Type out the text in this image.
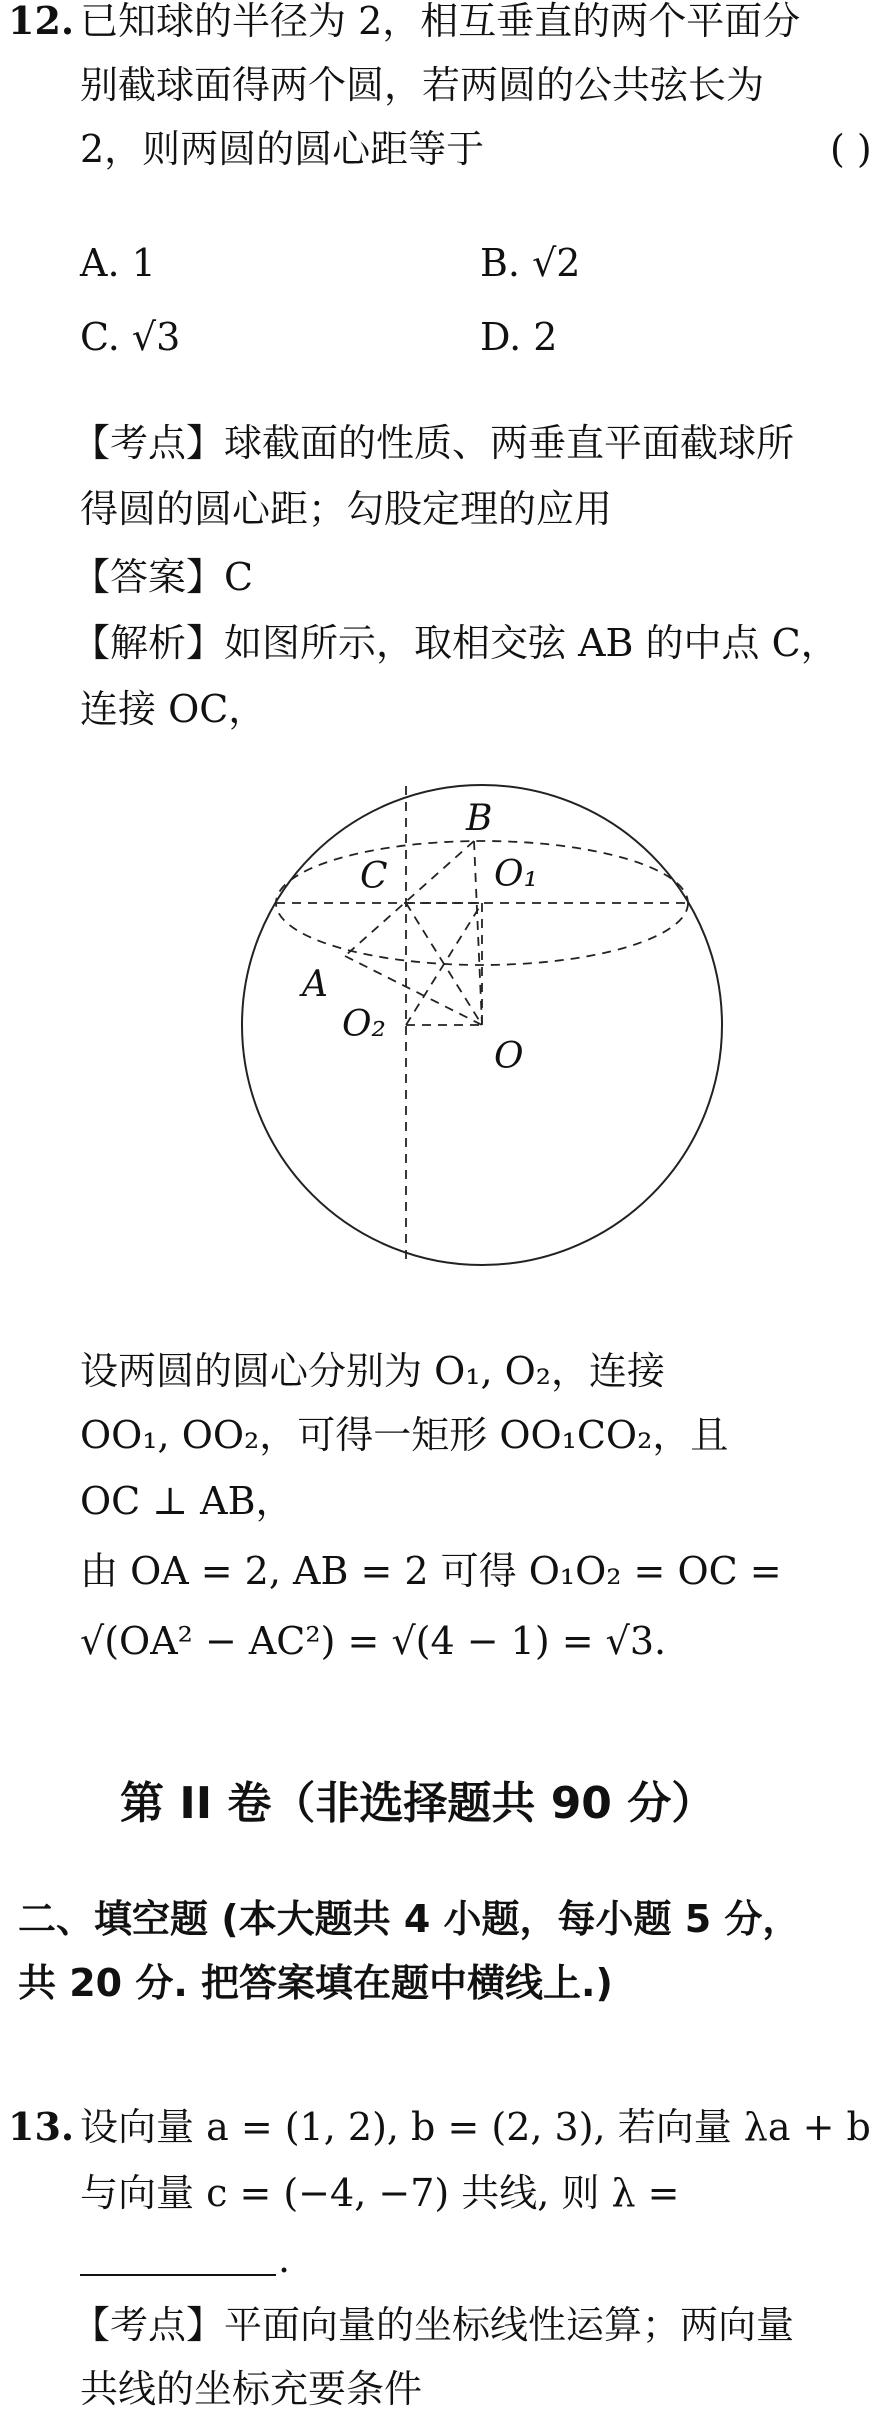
12. 已知球的半径为 2，相互垂直的两个平面分
别截球面得两个圆，若两圆的公共弦长为
2，则两圆的圆心距等于	( )
A. 1	B. √2
C. √3	D. 2
【考点】球截面的性质、两垂直平面截球所
得圆的圆心距；勾股定理的应用
【答案】C
【解析】如图所示，取相交弦 AB 的中点 C，
连接 OC，
B
C	O₁
A
O₂
O
设两圆的圆心分别为 O₁, O₂，连接
OO₁, OO₂，可得一矩形 OO₁CO₂，且
OC ⊥ AB，
由 OA = 2, AB = 2 可得 O₁O₂ = OC =
√(OA² − AC²) = √(4 − 1) = √3.
第 II 卷（非选择题共 90 分）
二、填空题 (本大题共 4 小题，每小题 5 分，
共 20 分. 把答案填在题中横线上.)
13. 设向量 a = (1, 2), b = (2, 3), 若向量 λa + b
与向量 c = (−4, −7) 共线, 则 λ =
.
【考点】平面向量的坐标线性运算；两向量
共线的坐标充要条件
